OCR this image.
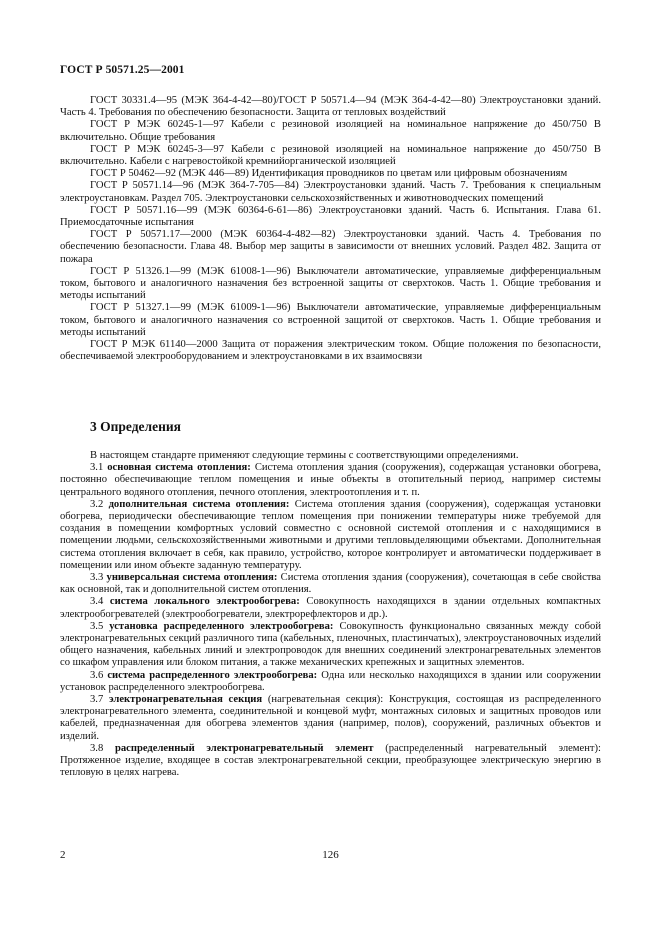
ГОСТ Р 50571.25—2001

ГОСТ 30331.4—95 (МЭК 364-4-42—80)/ГОСТ Р 50571.4—94 (МЭК 364-4-42—80) Электроустановки зданий. Часть 4. Требования по обеспечению безопасности. Защита от тепловых воздействий

ГОСТ Р МЭК 60245-1—97 Кабели с резиновой изоляцией на номинальное напряжение до 450/750 В включительно. Общие требования

ГОСТ Р МЭК 60245-3—97 Кабели с резиновой изоляцией на номинальное напряжение до 450/750 В включительно. Кабели с нагревостойкой кремнийорганической изоляцией

ГОСТ Р 50462—92 (МЭК 446—89) Идентификация проводников по цветам или цифровым обозначениям

ГОСТ Р 50571.14—96 (МЭК 364-7-705—84) Электроустановки зданий. Часть 7. Требования к специальным электроустановкам. Раздел 705. Электроустановки сельскохозяйственных и животноводческих помещений

ГОСТ Р 50571.16—99 (МЭК 60364-6-61—86) Электроустановки зданий. Часть 6. Испытания. Глава 61. Приемосдаточные испытания

ГОСТ Р 50571.17—2000 (МЭК 60364-4-482—82) Электроустановки зданий. Часть 4. Требования по обеспечению безопасности. Глава 48. Выбор мер защиты в зависимости от внешних условий. Раздел 482. Защита от пожара

ГОСТ Р 51326.1—99 (МЭК 61008-1—96) Выключатели автоматические, управляемые дифференциальным током, бытового и аналогичного назначения без встроенной защиты от сверхтоков. Часть 1. Общие требования и методы испытаний

ГОСТ Р 51327.1—99 (МЭК 61009-1—96) Выключатели автоматические, управляемые дифференциальным током, бытового и аналогичного назначения со встроенной защитой от сверхтоков. Часть 1. Общие требования и методы испытаний

ГОСТ Р МЭК 61140—2000 Защита от поражения электрическим током. Общие положения по безопасности, обеспечиваемой электрооборудованием и электроустановками в их взаимосвязи

3 Определения

В настоящем стандарте применяют следующие термины с соответствующими определениями.

3.1 основная система отопления: Система отопления здания (сооружения), содержащая установки обогрева, постоянно обеспечивающие теплом помещения и иные объекты в отопительный период, например системы центрального водяного отопления, печного отопления, электроотопления и т. п.

3.2 дополнительная система отопления: Система отопления здания (сооружения), содержащая установки обогрева, периодически обеспечивающие теплом помещения при понижении температуры ниже требуемой для создания в помещении комфортных условий совместно с основной системой отопления и с находящимися в помещении людьми, сельскохозяйственными животными и другими тепловыделяющими объектами. Дополнительная система отопления включает в себя, как правило, устройство, которое контролирует и автоматически поддерживает в помещении или ином объекте заданную температуру.

3.3 универсальная система отопления: Система отопления здания (сооружения), сочетающая в себе свойства как основной, так и дополнительной систем отопления.

3.4 система локального электрообогрева: Совокупность находящихся в здании отдельных компактных электрообогревателей (электрообогреватели, электрорефлекторов и др.).

3.5 установка распределенного электрообогрева: Совокупность функционально связанных между собой электронагревательных секций различного типа (кабельных, пленочных, пластинчатых), электроустановочных изделий общего назначения, кабельных линий и электропроводок для внешних соединений электронагревательных элементов со шкафом управления или блоком питания, а также механических крепежных и защитных элементов.

3.6 система распределенного электрообогрева: Одна или несколько находящихся в здании или сооружении установок распределенного электрообогрева.

3.7 электронагревательная секция (нагревательная секция): Конструкция, состоящая из распределенного электронагревательного элемента, соединительной и концевой муфт, монтажных силовых и защитных проводов или кабелей, предназначенная для обогрева элементов здания (например, полов), сооружений, различных объектов и изделий.

3.8 распределенный электронагревательный элемент (распределенный нагревательный элемент): Протяженное изделие, входящее в состав электронагревательной секции, преобразующее электрическую энергию в тепловую в целях нагрева.

2	126
